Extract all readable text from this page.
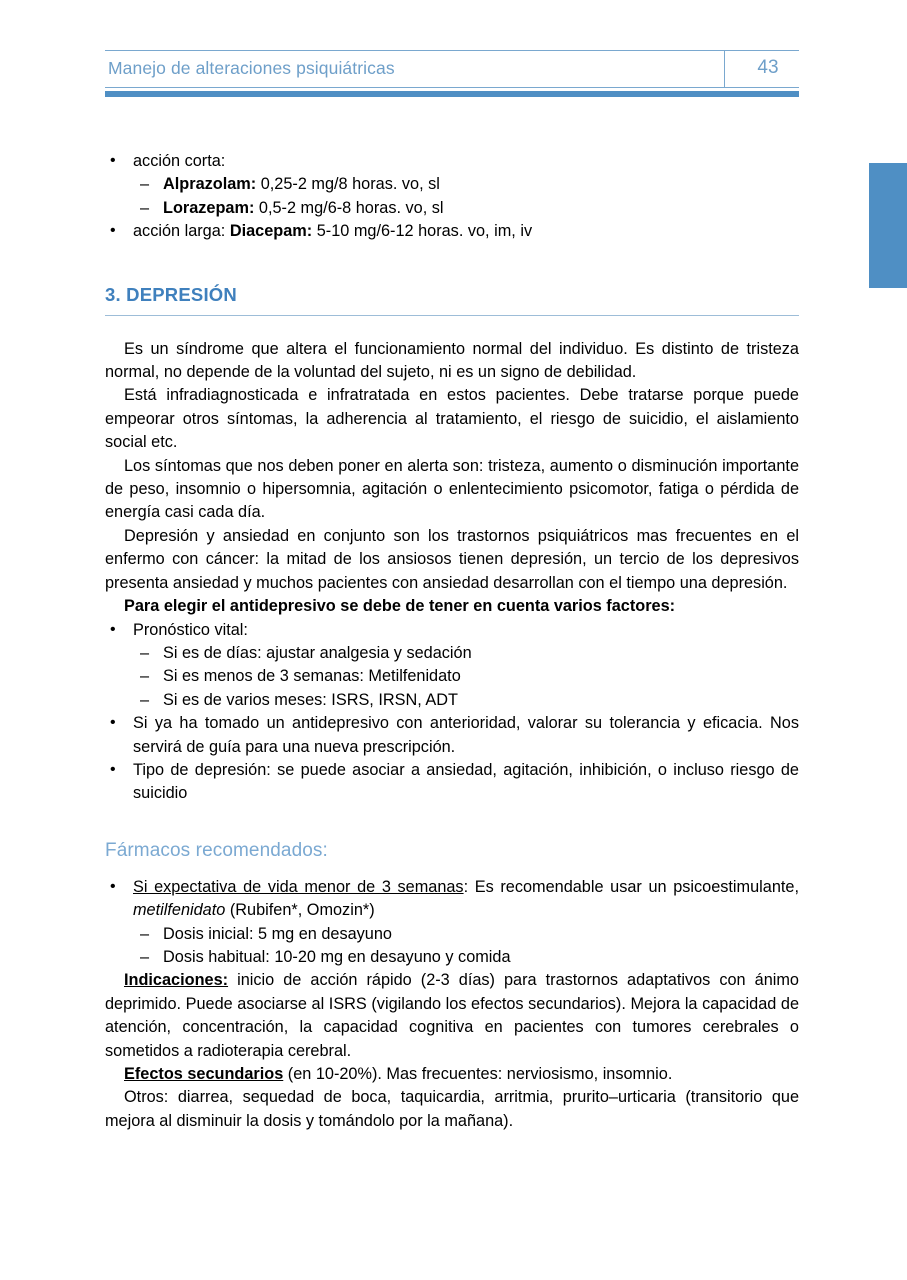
Manejo de alteraciones psiquiátricas	43
• acción corta:
– Alprazolam: 0,25-2 mg/8 horas. vo, sl
– Lorazepam: 0,5-2 mg/6-8 horas. vo, sl
• acción larga: Diacepam: 5-10 mg/6-12 horas. vo, im, iv
3. DEPRESIÓN

Es un síndrome que altera el funcionamiento normal del individuo. Es distinto de tristeza normal, no depende de la voluntad del sujeto, ni es un signo de debilidad.

Está infradiagnosticada e infratratada en estos pacientes. Debe tratarse porque puede empeorar otros síntomas, la adherencia al tratamiento, el riesgo de suicidio, el aislamiento social etc.

Los síntomas que nos deben poner en alerta son: tristeza, aumento o disminución importante de peso, insomnio o hipersomnia, agitación o enlentecimiento psicomotor, fatiga o pérdida de energía casi cada día.

Depresión y ansiedad en conjunto son los trastornos psiquiátricos mas frecuentes en el enfermo con cáncer: la mitad de los ansiosos tienen depresión, un tercio de los depresivos presenta ansiedad y muchos pacientes con ansiedad desarrollan con el tiempo una depresión.

Para elegir el antidepresivo se debe de tener en cuenta varios factores:

• Pronóstico vital:
– Si es de días: ajustar analgesia y sedación
– Si es menos de 3 semanas: Metilfenidato
– Si es de varios meses: ISRS, IRSN, ADT
• Si ya ha tomado un antidepresivo con anterioridad, valorar su tolerancia y eficacia. Nos servirá de guía para una nueva prescripción.
• Tipo de depresión: se puede asociar a ansiedad, agitación, inhibición, o incluso riesgo de suicidio
Fármacos recomendados:
• Si expectativa de vida menor de 3 semanas: Es recomendable usar un psicoestimulante, metilfenidato (Rubifen*, Omozin*)
– Dosis inicial: 5 mg en desayuno
– Dosis habitual: 10-20 mg en desayuno y comida

Indicaciones: inicio de acción rápido (2-3 días) para trastornos adaptativos con ánimo deprimido. Puede asociarse al ISRS (vigilando los efectos secundarios). Mejora la capacidad de atención, concentración, la capacidad cognitiva en pacientes con tumores cerebrales o sometidos a radioterapia cerebral.

Efectos secundarios (en 10-20%). Mas frecuentes: nerviosismo, insomnio.

Otros: diarrea, sequedad de boca, taquicardia, arritmia, prurito–urticaria (transitorio que mejora al disminuir la dosis y tomándolo por la mañana).
